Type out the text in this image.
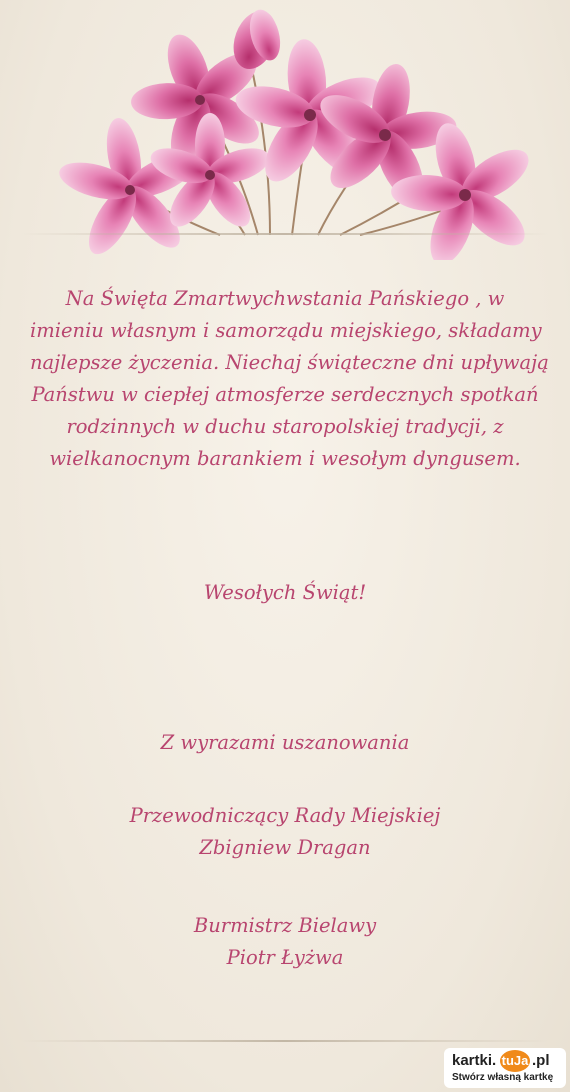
Na Święta Zmartwychwstania Pańskiego , w
imieniu własnym i samorządu miejskiego, składamy
najlepsze życzenia. Niechaj świąteczne dni upływają
Państwu w ciepłej atmosferze serdecznych spotkań
rodzinnych w duchu staropolskiej tradycji, z
wielkanocnym barankiem i wesołym dyngusem.
Wesołych Świąt!
Z wyrazami uszanowania
Przewodniczący Rady Miejskiej
Zbigniew Dragan
Burmistrz Bielawy
Piotr Łyżwa
kartki. tuJa .pl
Stwórz własną kartkę
